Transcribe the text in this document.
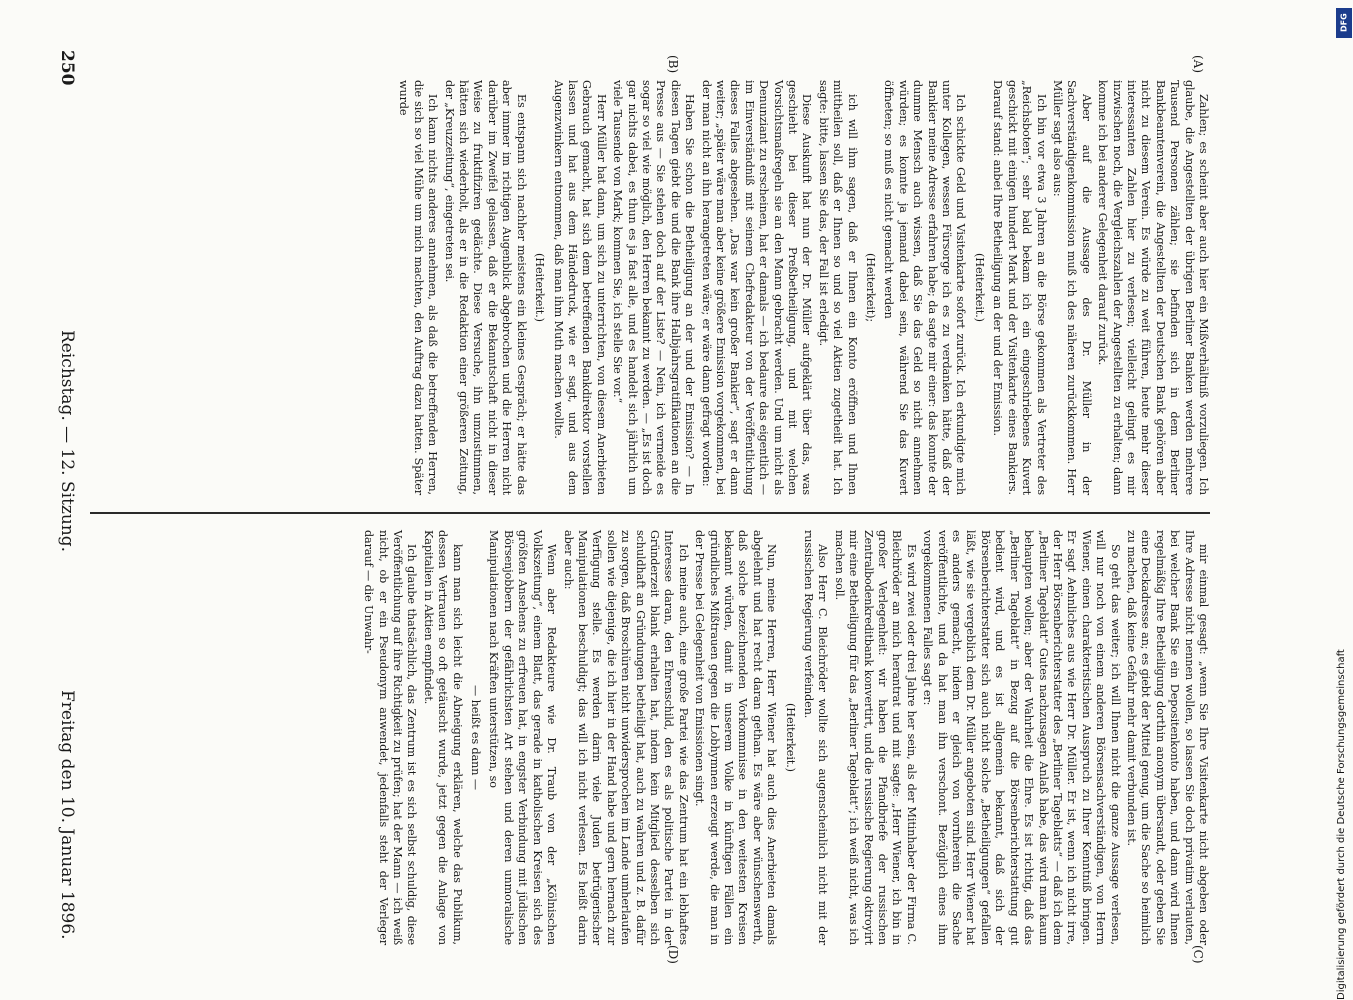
250
Reichstag. — 12. Sitzung.
Freitag den 10. Januar 1896.
(A)
(B)
(C)
(D)

Zahlen; es scheint aber auch hier ein Mißverhältniß vorzuliegen. Ich glaube, die Angestellten der übrigen Berliner Banken werden mehrere Tausend Personen zählen; sie befinden sich in dem Berliner Bankbeamtenverein, die Angestellten der Deutschen Bank gehören aber nicht zu diesem Verein. Es würde zu weit führen, heute mehr dieser interessanten Zahlen hier zu verlesen; vielleicht gelingt es mir inzwischen noch, die Vergleichszahlen der Angestellten zu erhalten; dann komme ich bei anderer Gelegenheit darauf zurück.

Aber auf die Aussage des Dr. Müller in der Sachverständigenkommission muß ich des näheren zurückkommen. Herr Müller sagt also aus:

Ich bin vor etwa 3 Jahren an die Börse gekommen als Vertreter des „Reichsboten“; sehr bald bekam ich ein eingeschriebenes Kuvert geschickt mit einigen hundert Mark und der Visitenkarte eines Bankiers. Darauf stand: anbei Ihre Betheiligung an der und der Emission.

(Heiterkeit.)

Ich schickte Geld und Visitenkarte sofort zurück. Ich erkundigte mich unter Kollegen, wessen Fürsorge ich es zu verdanken hätte, daß der Bankier meine Adresse erfahren habe; da sagte mir einer: das konnte der dumme Mensch auch wissen, daß Sie das Geld so nicht annehmen würden; es konnte ja jemand dabei sein, während Sie das Kuvert öffneten; so muß es nicht gemacht werden

(Heiterkeit);

ich will ihm sagen, daß er Ihnen ein Konto eröffnen und Ihnen mittheilen soll, daß er Ihnen so und so viel Aktien zugetheilt hat. Ich sagte: bitte, lassen Sie das, der Fall ist erledigt.

Diese Auskunft hat nun der Dr. Müller aufgeklärt über das, was geschieht bei dieser Preßbetheiligung, und mit welchen Vorsichtsmaßregeln sie an den Mann gebracht werden. Und um nicht als Denunziant zu erscheinen, hat er damals — ich bedaure das eigentlich — im Einverständniß mit seinem Chefredakteur von der Veröffentlichung dieses Falles abgesehen. „Das war kein großer Bankier“, sagt er dann weiter; „später wäre man aber keine größere Emission vorgekommen, bei der man nicht an ihn herangetreten wäre; er wäre dann gefragt worden:

Haben Sie schon die Betheiligung an der und der Emission? — In diesen Tagen giebt die und die Bank ihre Halbjahrsgratifikationen an die Presse aus — Sie stehen doch auf der Liste? — Nein, ich vermeide es sogar so viel wie möglich, den Herren bekannt zu werden. — „Es ist doch gar nichts dabei, es thun es ja fast alle, und es handelt sich jährlich um viele Tausende von Mark; kommen Sie, ich stelle Sie vor.“

Herr Müller hat dann, um sich zu unterrichten, von diesem Anerbieten Gebrauch gemacht, hat sich dem betreffenden Bankdirektor vorstellen lassen und hat aus dem Händedruck, wie er sagt, und aus dem Augenzwinkern entnommen, daß man ihm Muth machen wollte.

(Heiterkeit.)

Es entspann sich nachher meistens ein kleines Gespräch; er hätte das aber immer im richtigen Augenblick abgebrochen und die Herren nicht darüber im Zweifel gelassen, daß er die Bekanntschaft nicht in dieser Weise zu fruktifiziren gedächte. Diese Versuche, ihn umzustimmen, hätten sich wiederholt, als er in die Redaktion einer größeren Zeitung, der „Kreuzzeitung“, eingetreten sei.

Ich kann nichts anderes annehmen, als daß die betreffenden Herren, die sich so viel Mühe um mich machten, den Auftrag dazu hatten. Später wurde

mir einmal gesagt: „wenn Sie Ihre Visitenkarte nicht abgeben oder Ihre Adresse nicht nennen wollen, so lassen Sie doch privatim verlauten, bei welcher Bank Sie ein Depositenkonto haben, und dann wird Ihnen regelmäßig Ihre Betheiligung dorthin anonym übersandt, oder geben Sie eine Deckadresse an; es giebt der Mittel genug, um die Sache so heimlich zu machen, daß keine Gefahr mehr damit verbunden ist.

So geht das weiter; ich will Ihnen nicht die ganze Aussage verlesen, will nur noch von einem anderen Börsensachverständigen, von Herrn Wiener, einen charakteristischen Ausspruch zu Ihrer Kenntniß bringen. Er sagt Aehnliches aus wie Herr Dr. Müller. Er ist, wenn ich nicht irre, der Herr Börsenberichterstatter des „Berliner Tageblatts“ — daß ich dem „Berliner Tageblatt“ Gutes nachzusagen Anlaß habe, das wird man kaum behaupten wollen; aber der Wahrheit die Ehre. Es ist richtig, daß das „Berliner Tageblatt“ in Bezug auf die Börsenberichterstattung gut bedient wird, und es ist allgemein bekannt, daß sich der Börsenberichterstatter sich auch nicht solche „Betheiligungen“ gefallen läßt, wie sie vergeblich dem Dr. Müller angeboten sind. Herr Wiener hat es anders gemacht, indem er gleich von vornherein die Sache veröffentlichte, und da hat man ihn verschont. Bezüglich eines ihm vorgekommenen Falles sagt er:

Es wird zwei oder drei Jahre her sein, als der Mitinhaber der Firma C. Bleichröder an mich herantrat und mit sagte: „Herr Wiener, ich bin in großer Verlegenheit: wir haben die Pfandbriefe der russischen Zentralbodenkreditbank konvertirt, und die russische Regierung oktroyirt mir eine Betheiligung für das „Berliner Tageblatt“; ich weiß nicht, was ich machen soll.

Also Herr C. Bleichröder wollte sich augenscheinlich nicht mit der russischen Regierung verfeinden.

(Heiterkeit.)

Nun, meine Herren, Herr Wiener hat auch dies Anerbieten damals abgelehnt und hat recht daran gethan. Es wäre aber wünschenswerth, daß solche bezeichnenden Vorkommnisse in den weitesten Kreisen bekannt würden, damit in unserem Volke in künftigen Fällen ein gründliches Mißtrauen gegen die Lobhymnen erzeugt werde, die man in der Presse bei Gelegenheit von Emissionen singt.

Ich meine auch, eine große Partei wie das Zentrum hat ein lebhaftes Interesse daran, den Ehrenschild, den es als politische Partei in der Gründerzeit blank erhalten hat, indem kein Mitglied desselben sich schuldhaft an Gründungen betheiligt hat, auch zu wahren und z. B. dafür zu sorgen, daß Broschüren nicht unwidersprochen im Lande umherlaufen sollen wie diejenige, die ich hier in der Hand habe und gern hernach zur Verfügung stelle. Es werden darin viele Juden betrügerischer Manipulationen beschuldigt; das will ich nicht verlesen. Es heißt darin aber auch:

Wenn aber Redakteure wie Dr. Traub von der „Kölnischen Volkszeitung“, einem Blatt, das gerade in katholischen Kreisen sich des größten Ansehens zu erfreuen hat, in engster Verbindung mit jüdischen Börsenjobbern der gefährlichsten Art stehen und deren unmoralische Manipulationen nach Kräften unterstützen, so

— heißt es dann —

kann man sich leicht die Abneigung erklären, welche das Publikum, dessen Vertrauen so oft getäuscht wurde, jetzt gegen die Anlage von Kapitalien in Aktien empfindet.

Ich glaube thatsächlich, das Zentrum ist es sich selbst schuldig, diese Veröffentlichung auf ihre Richtigkeit zu prüfen; hat der Mann — ich weiß nicht, ob er ein Pseudonym anwendet, jedenfalls steht der Verleger darauf — die Unwahr-

DFG
Digitalisierung gefördert durch die Deutsche Forschungsgemeinschaft
